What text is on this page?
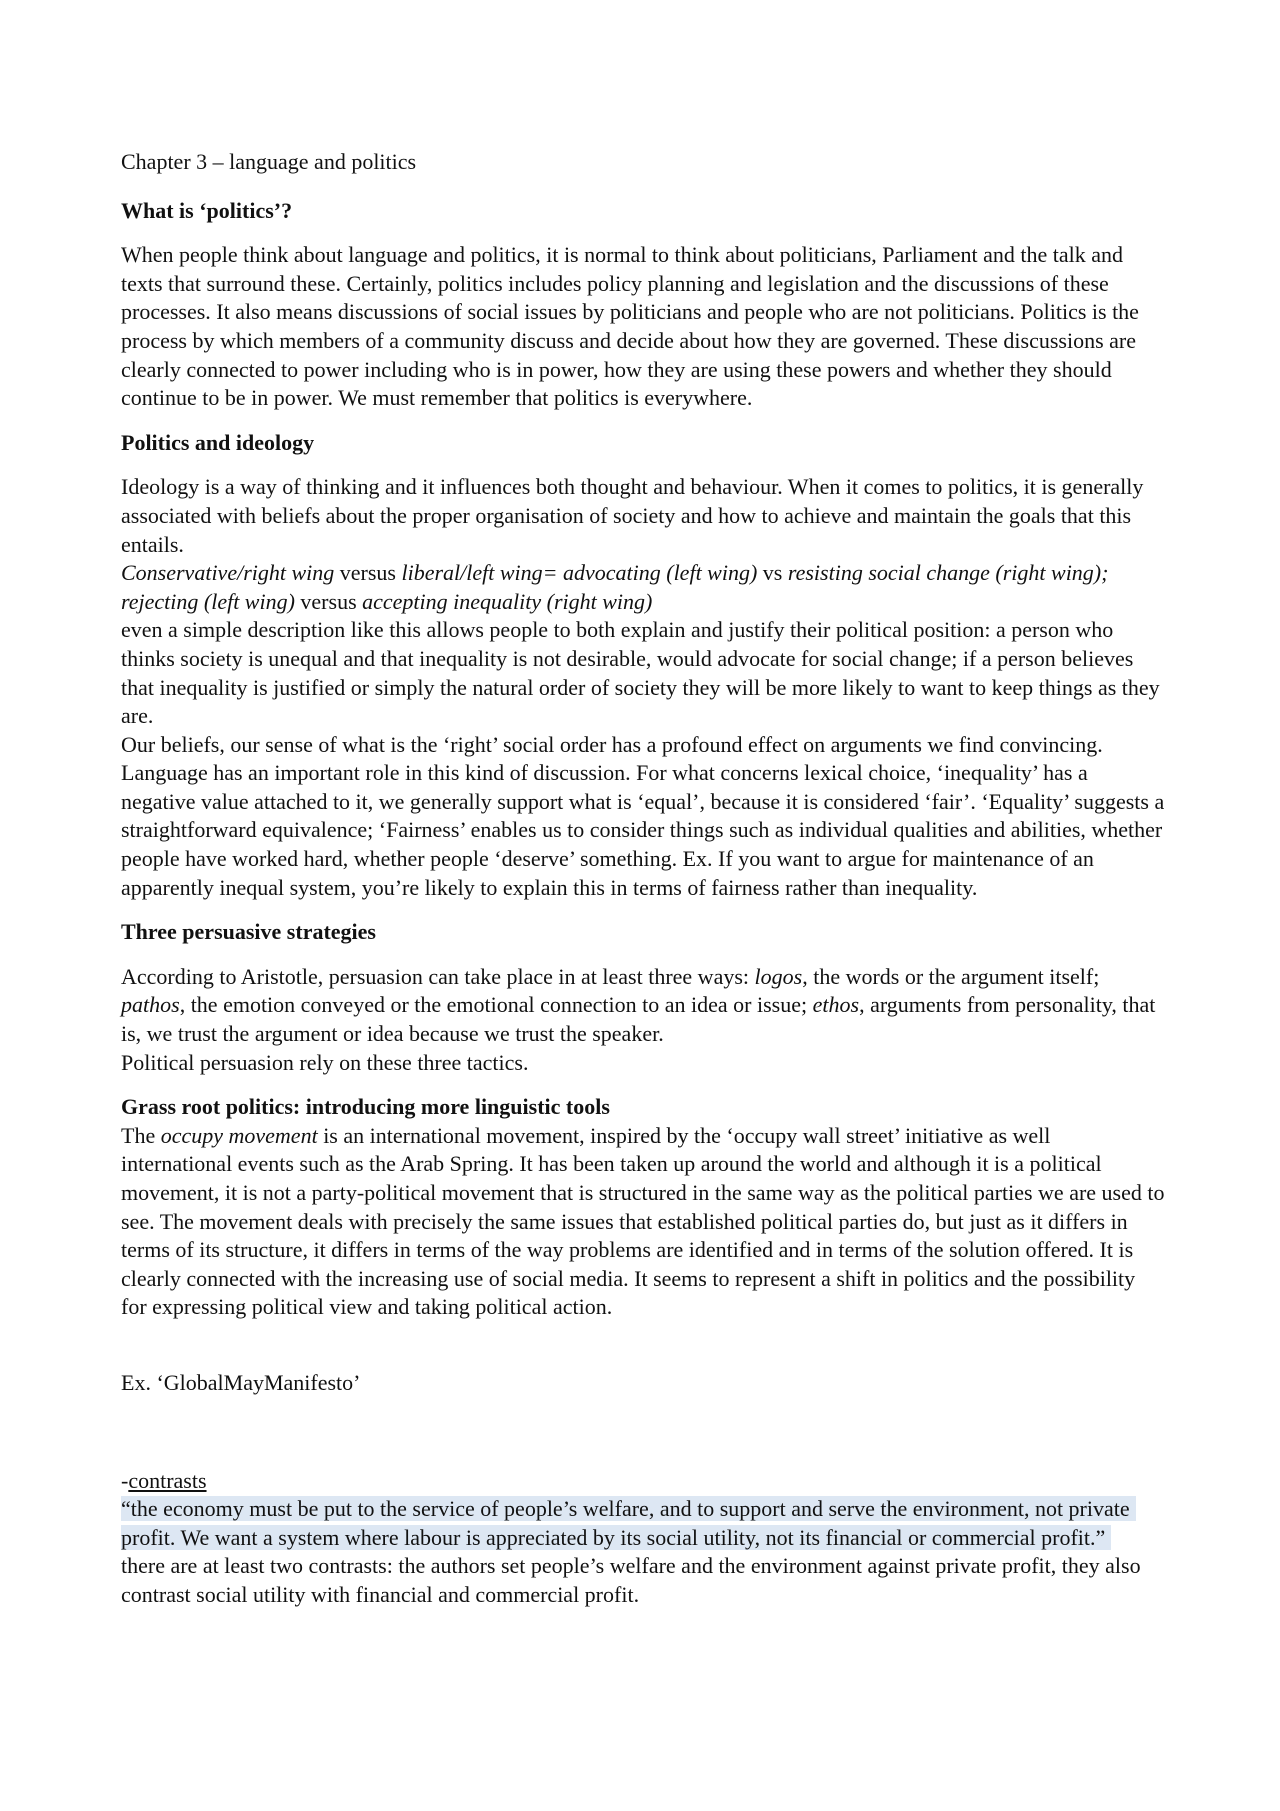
Chapter 3 – language and politics

What is ‘politics’?

When people think about language and politics, it is normal to think about politicians, Parliament and the talk and texts that surround these. Certainly, politics includes policy planning and legislation and the discussions of these processes. It also means discussions of social issues by politicians and people who are not politicians. Politics is the process by which members of a community discuss and decide about how they are governed. These discussions are clearly connected to power including who is in power, how they are using these powers and whether they should continue to be in power. We must remember that politics is everywhere.

Politics and ideology

Ideology is a way of thinking and it influences both thought and behaviour. When it comes to politics, it is generally associated with beliefs about the proper organisation of society and how to achieve and maintain the goals that this entails.

Conservative/right wing versus liberal/left wing= advocating (left wing) vs resisting social change (right wing); rejecting (left wing) versus accepting inequality (right wing)

even a simple description like this allows people to both explain and justify their political position: a person who thinks society is unequal and that inequality is not desirable, would advocate for social change; if a person believes that inequality is justified or simply the natural order of society they will be more likely to want to keep things as they are.

Our beliefs, our sense of what is the ‘right’ social order has a profound effect on arguments we find convincing. Language has an important role in this kind of discussion. For what concerns lexical choice, ‘inequality’ has a negative value attached to it, we generally support what is ‘equal’, because it is considered ‘fair’. ‘Equality’ suggests a straightforward equivalence; ‘Fairness’ enables us to consider things such as individual qualities and abilities, whether people have worked hard, whether people ‘deserve’ something. Ex. If you want to argue for maintenance of an apparently inequal system, you’re likely to explain this in terms of fairness rather than inequality.

Three persuasive strategies

According to Aristotle, persuasion can take place in at least three ways: logos, the words or the argument itself; pathos, the emotion conveyed or the emotional connection to an idea or issue; ethos, arguments from personality, that is, we trust the argument or idea because we trust the speaker.

Political persuasion rely on these three tactics.

Grass root politics: introducing more linguistic tools

The occupy movement is an international movement, inspired by the ‘occupy wall street’ initiative as well international events such as the Arab Spring. It has been taken up around the world and although it is a political movement, it is not a party-political movement that is structured in the same way as the political parties we are used to see. The movement deals with precisely the same issues that established political parties do, but just as it differs in terms of its structure, it differs in terms of the way problems are identified and in terms of the solution offered. It is clearly connected with the increasing use of social media. It seems to represent a shift in politics and the possibility for expressing political view and taking political action.

Ex. ‘GlobalMayManifesto’

-contrasts

“the economy must be put to the service of people’s welfare, and to support and serve the environment, not private profit. We want a system where labour is appreciated by its social utility, not its financial or commercial profit.”

there are at least two contrasts: the authors set people’s welfare and the environment against private profit, they also contrast social utility with financial and commercial profit.
